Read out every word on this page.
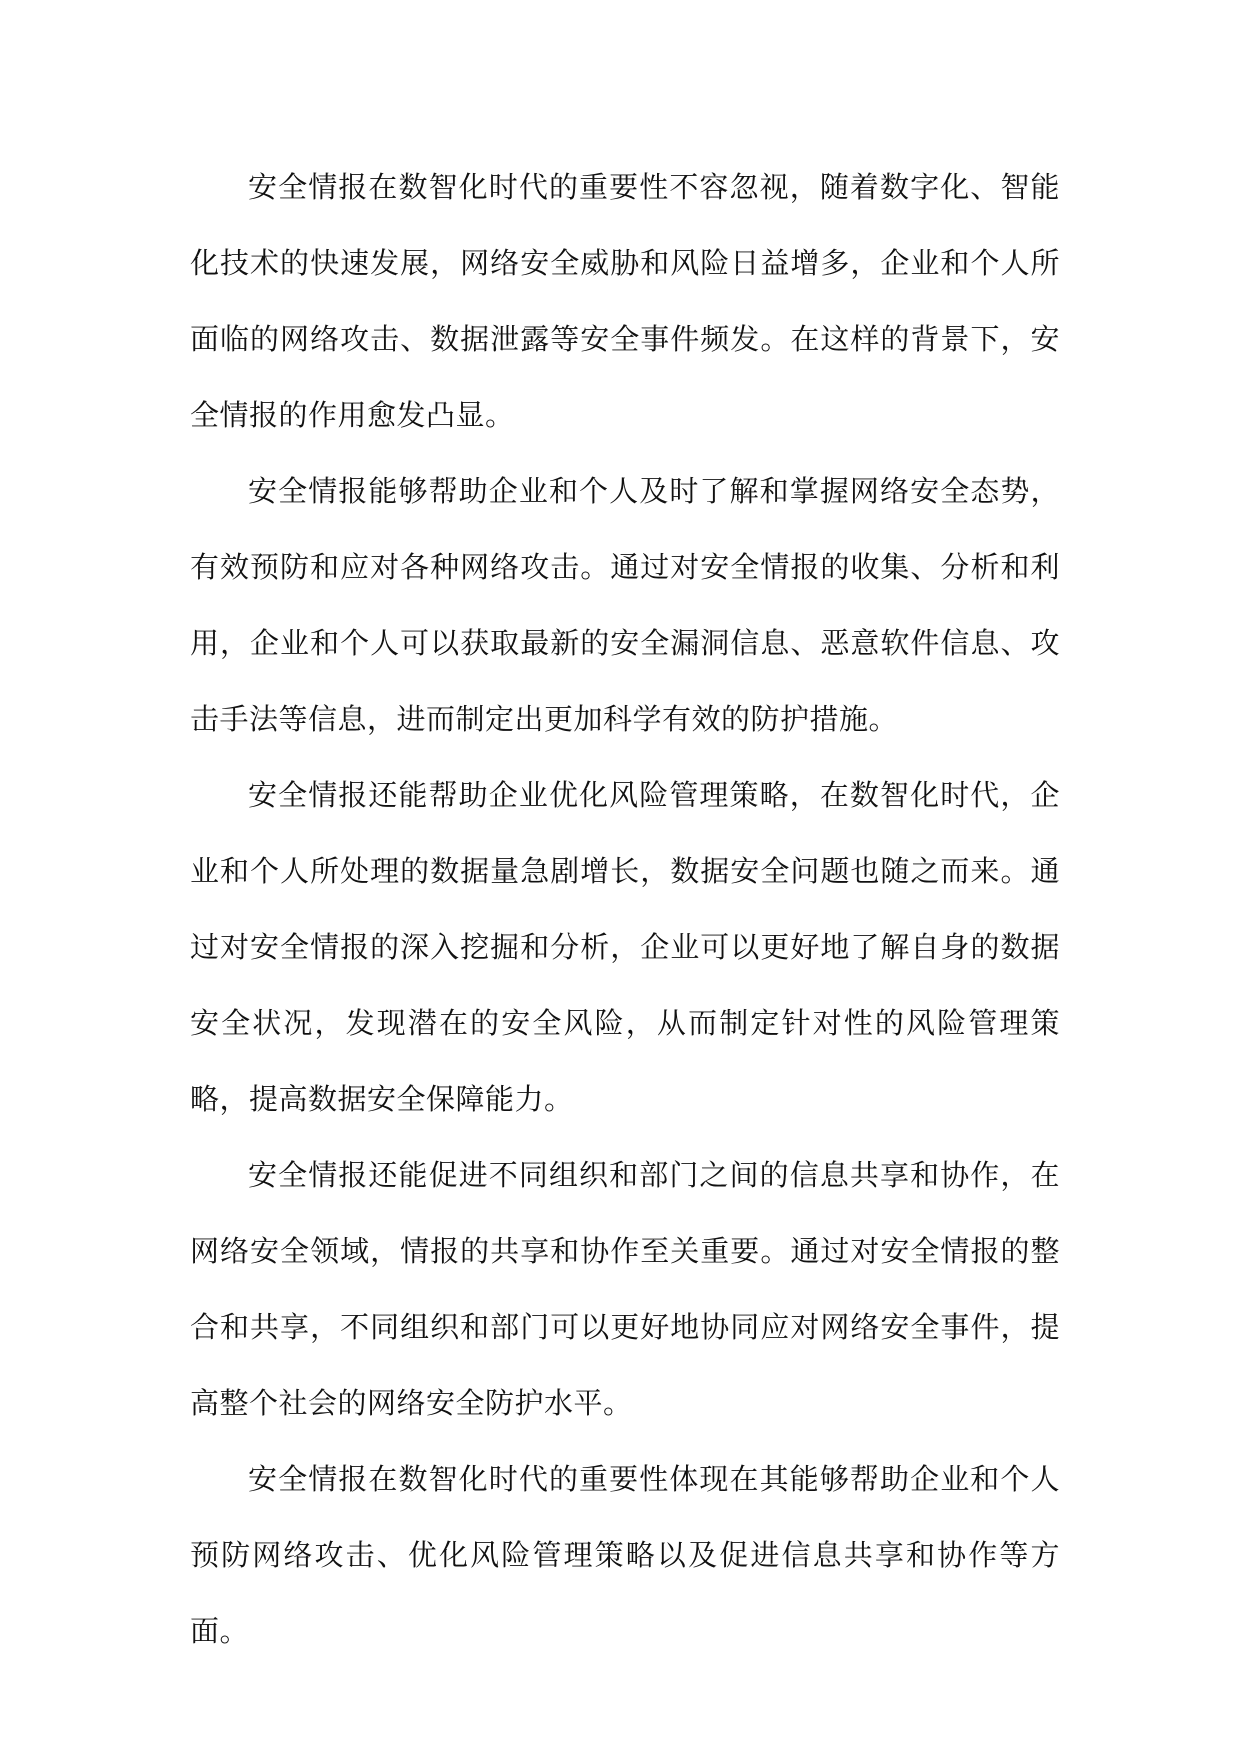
安全情报在数智化时代的重要性不容忽视，随着数字化、智能化技术的快速发展，网络安全威胁和风险日益增多，企业和个人所面临的网络攻击、数据泄露等安全事件频发。在这样的背景下，安全情报的作用愈发凸显。

安全情报能够帮助企业和个人及时了解和掌握网络安全态势，有效预防和应对各种网络攻击。通过对安全情报的收集、分析和利用，企业和个人可以获取最新的安全漏洞信息、恶意软件信息、攻击手法等信息，进而制定出更加科学有效的防护措施。

安全情报还能帮助企业优化风险管理策略，在数智化时代，企业和个人所处理的数据量急剧增长，数据安全问题也随之而来。通过对安全情报的深入挖掘和分析，企业可以更好地了解自身的数据安全状况，发现潜在的安全风险，从而制定针对性的风险管理策略，提高数据安全保障能力。

安全情报还能促进不同组织和部门之间的信息共享和协作，在网络安全领域，情报的共享和协作至关重要。通过对安全情报的整合和共享，不同组织和部门可以更好地协同应对网络安全事件，提高整个社会的网络安全防护水平。

安全情报在数智化时代的重要性体现在其能够帮助企业和个人预防网络攻击、优化风险管理策略以及促进信息共享和协作等方面。
